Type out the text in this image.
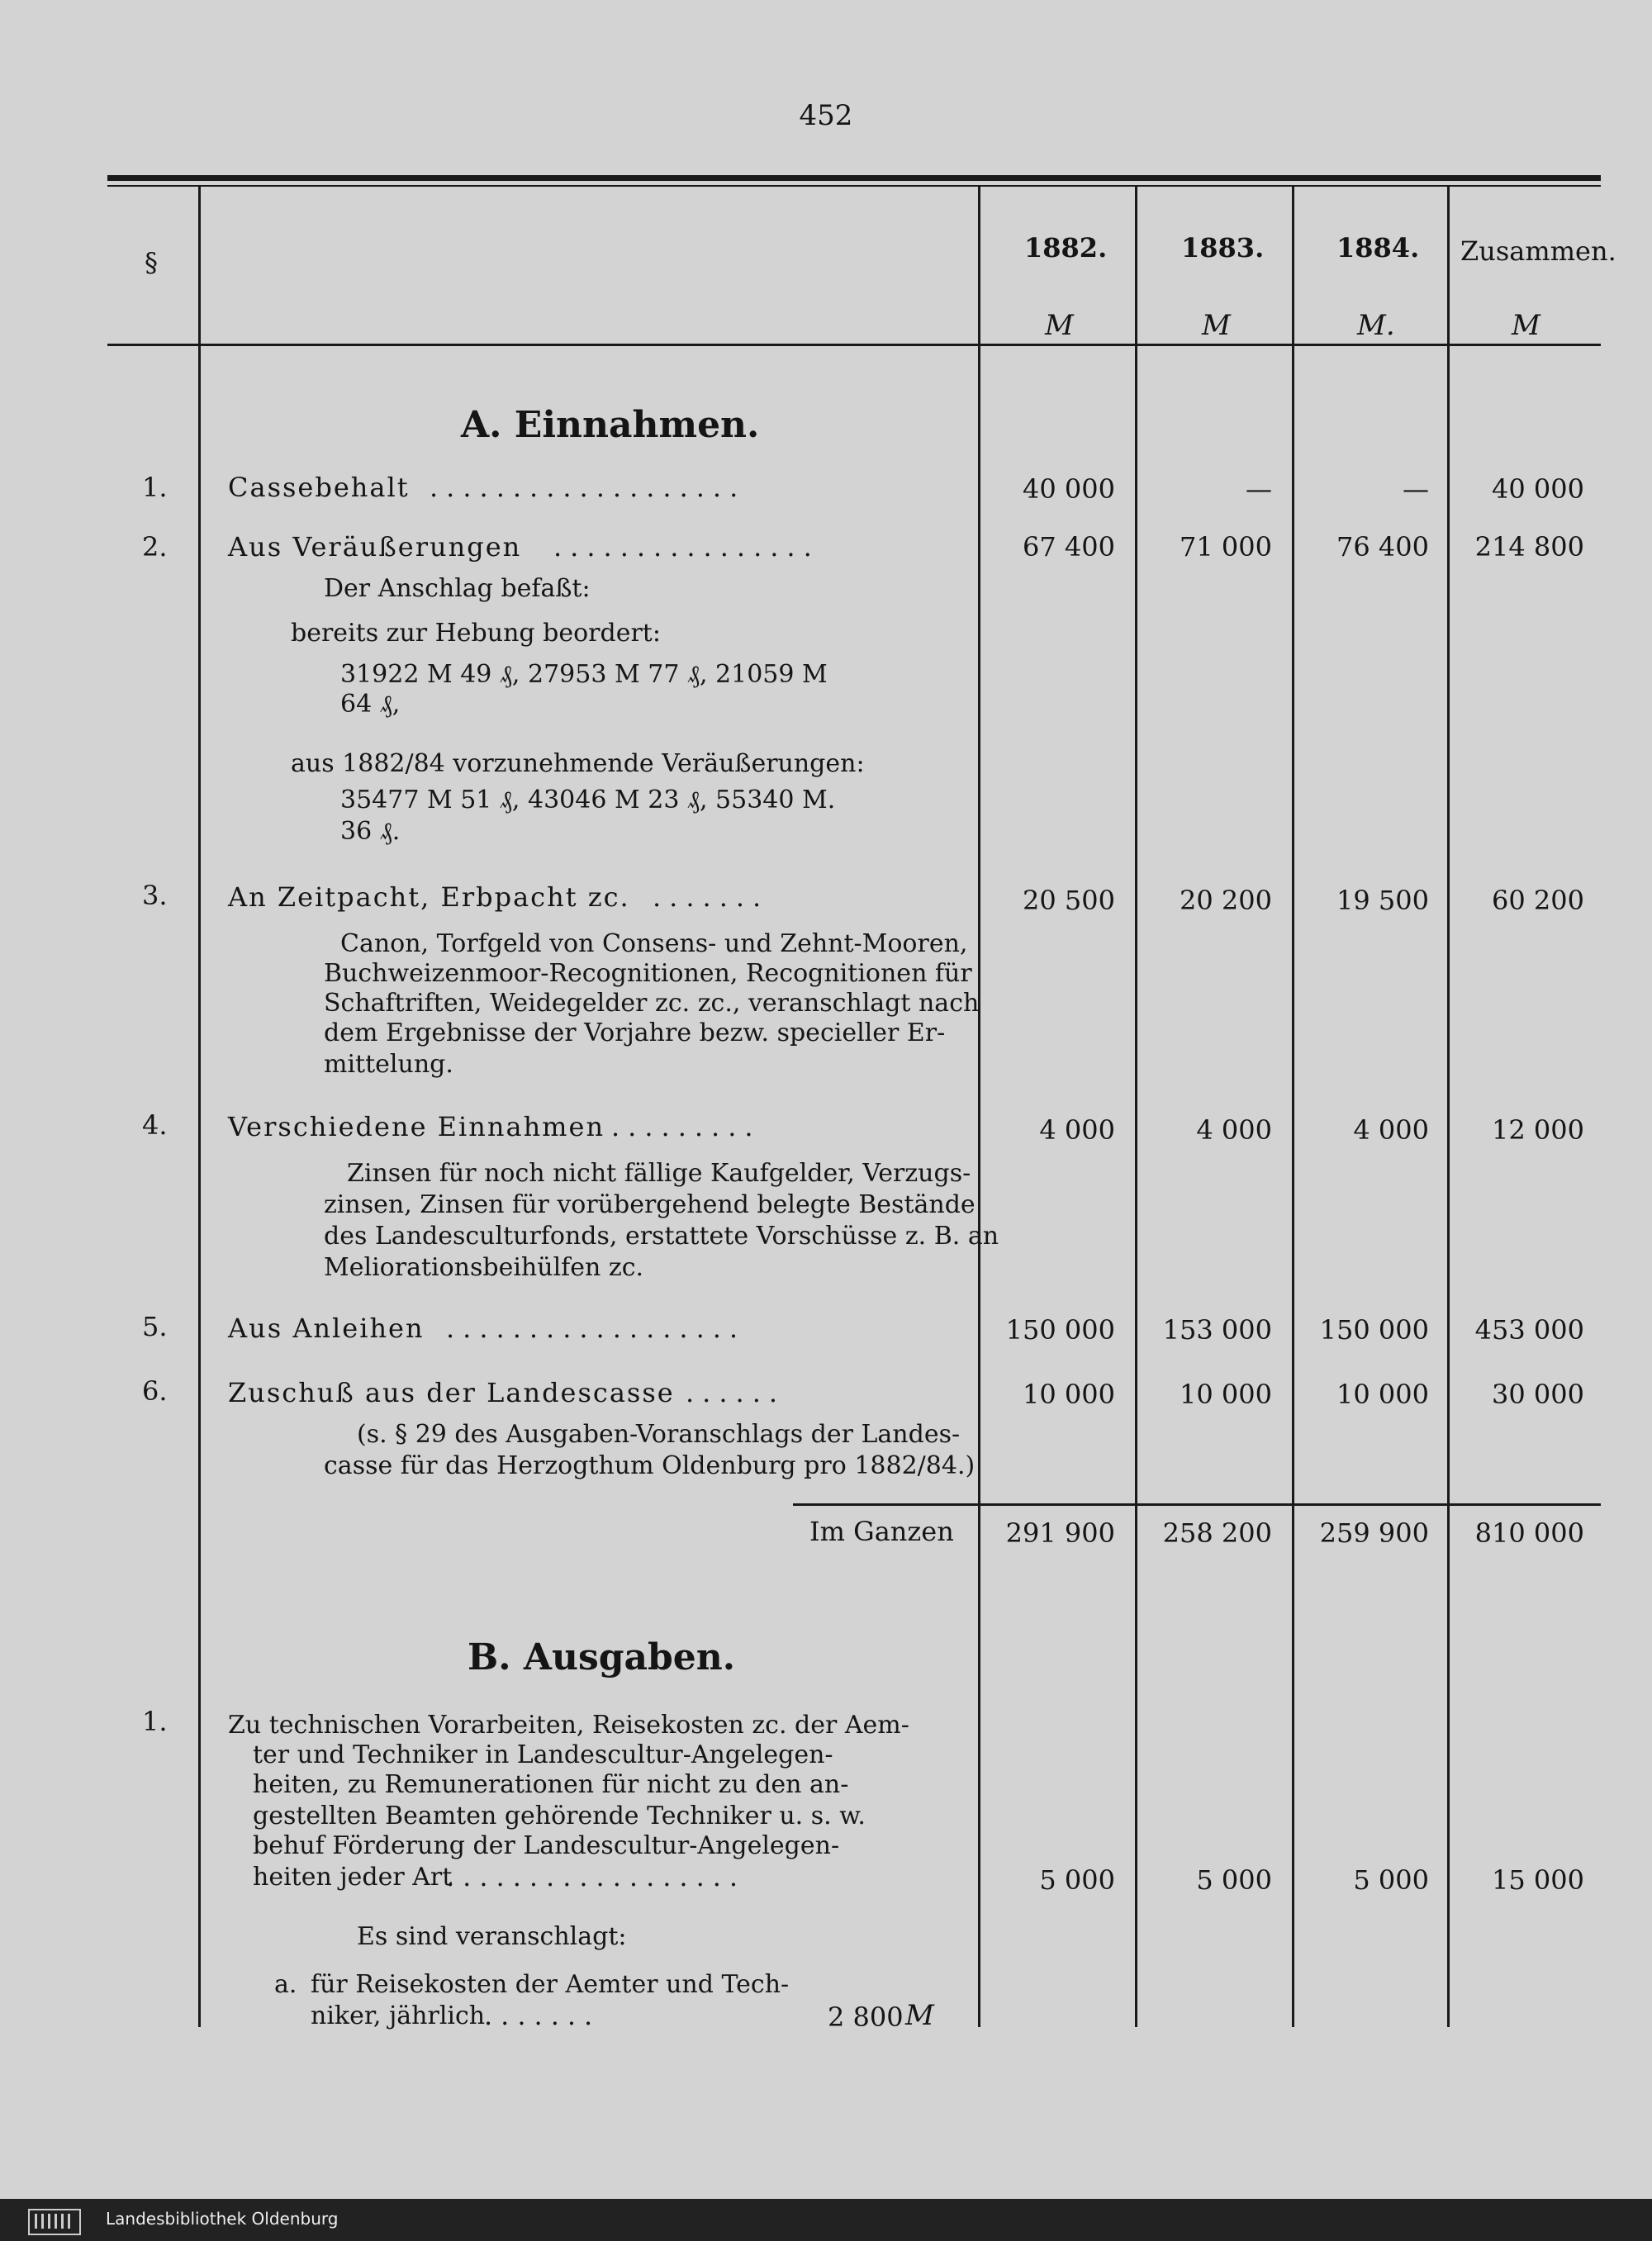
452
§	1882.	1883.	1884. Zusammen.
M	M	M.	M
A. Einnahmen.
1. Cassebehalt ...................	40 000	—	—	40 000
2. Aus Veräußerungen ................	67 400	71 000	76 400	214 800
Der Anschlag befaßt:
bereits zur Hebung beordert:
31922 M 49 ₰, 27953 M 77 ₰, 21059 M
64 ₰,
aus 1882/84 vorzunehmende Veräußerungen:
35477 M 51 ₰, 43046 M 23 ₰, 55340 M.
36 ₰.
3. An Zeitpacht, Erbpacht zc. .......	20 500	20 200	19 500	60 200
Canon, Torfgeld von Consens- und Zehnt-Mooren,
Buchweizenmoor-Recognitionen, Recognitionen für
Schaftriften, Weidegelder zc. zc., veranschlagt nach
dem Ergebnisse der Vorjahre bezw. specieller Er-
mittelung.
4. Verschiedene Einnahmen .........	4 000	4 000	4 000	12 000
Zinsen für noch nicht fällige Kaufgelder, Verzugs-
zinsen, Zinsen für vorübergehend belegte Bestände
des Landesculturfonds, erstattete Vorschüsse z. B. an
Meliorationsbeihülfen zc.
5. Aus Anleihen ..................	150 000	153 000	150 000	453 000
6. Zuschuß aus der Landescasse ......	10 000	10 000	10 000	30 000
(s. § 29 des Ausgaben-Voranschlags der Landes-
casse für das Herzogthum Oldenburg pro 1882/84.)
Im Ganzen	291 900	258 200	259 900	810 000
B. Ausgaben.
1. Zu technischen Vorarbeiten, Reisekosten zc. der Aem-
ter und Techniker in Landescultur-Angelegen-
heiten, zu Remunerationen für nicht zu den an-
gestellten Beamten gehörende Techniker u. s. w.
behuf Förderung der Landescultur-Angelegen-
heiten jeder Art
..................	5 000	5 000	5 000	15 000
Es sind veranschlagt:
a. für Reisekosten der Aemter und Tech-
niker, jährlich
.......	2 800 M
Landesbibliothek Oldenburg
